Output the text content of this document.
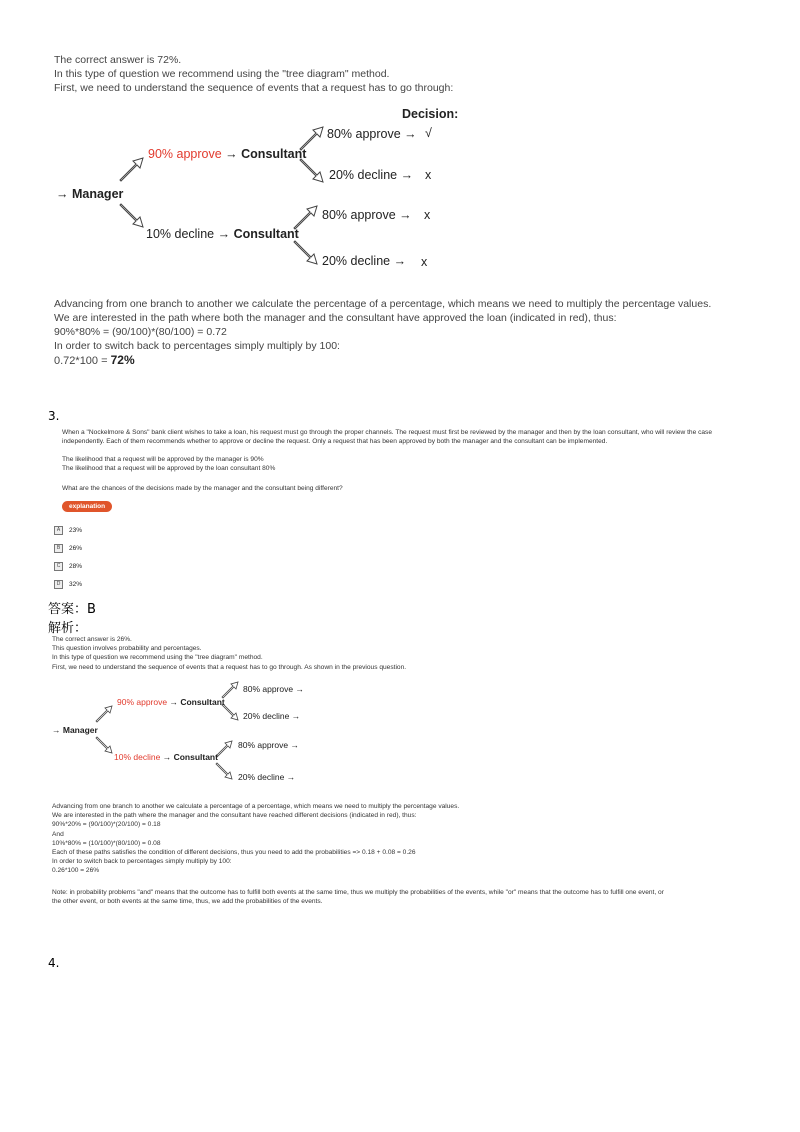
The correct answer is 72%.

In this type of question we recommend using the "tree diagram" method.

First, we need to understand the sequence of events that a request has to go through:

Decision:
→ Manager
90% approve → Consultant
10% decline → Consultant
80% approve → √
20% decline → x
80% approve → x
20% decline → x

Advancing from one branch to another we calculate the percentage of a percentage, which means we need to multiply the percentage values.

We are interested in the path where both the manager and the consultant have approved the loan (indicated in red), thus:

90%*80% = (90/100)*(80/100) = 0.72

In order to switch back to percentages simply multiply by 100:

0.72*100 = 72%

3.

When a "Nockelmore & Sons" bank client wishes to take a loan, his request must go through the proper channels. The request must first be reviewed by the manager and then by the loan consultant, who will review the case

independently. Each of them recommends whether to approve or decline the request. Only a request that has been approved by both the manager and the consultant can be implemented.

The likelihood that a request will be approved by the manager is 90%

The likelihood that a request will be approved by the loan consultant 80%

What are the chances of the decisions made by the manager and the consultant being different?
explanation
A	23%
B	26%
C	28%
D	32%
答案：B
解析：

The correct answer is 26%.

This question involves probability and percentages.

In this type of question we recommend using the "tree diagram" method.

First, we need to understand the sequence of events that a request has to go through. As shown in the previous question.

→ Manager
90% approve → Consultant
10% decline → Consultant
80% approve →
20% decline →
80% approve →
20% decline →

Advancing from one branch to another we calculate a percentage of a percentage, which means we need to multiply the percentage values.

We are interested in the path where the manager and the consultant have reached different decisions (indicated in red), thus:

90%*20% = (90/100)*(20/100) = 0.18

And

10%*80% = (10/100)*(80/100) = 0.08

Each of these paths satisfies the condition of different decisions, thus you need to add the probabilities => 0.18 + 0.08 = 0.26

In order to switch back to percentages simply multiply by 100:

0.26*100 = 26%

Note: in probability problems "and" means that the outcome has to fulfill both events at the same time, thus we multiply the probabilities of the events, while "or" means that the outcome has to fulfill one event, or

the other event, or both events at the same time, thus, we add the probabilities of the events.

4.
